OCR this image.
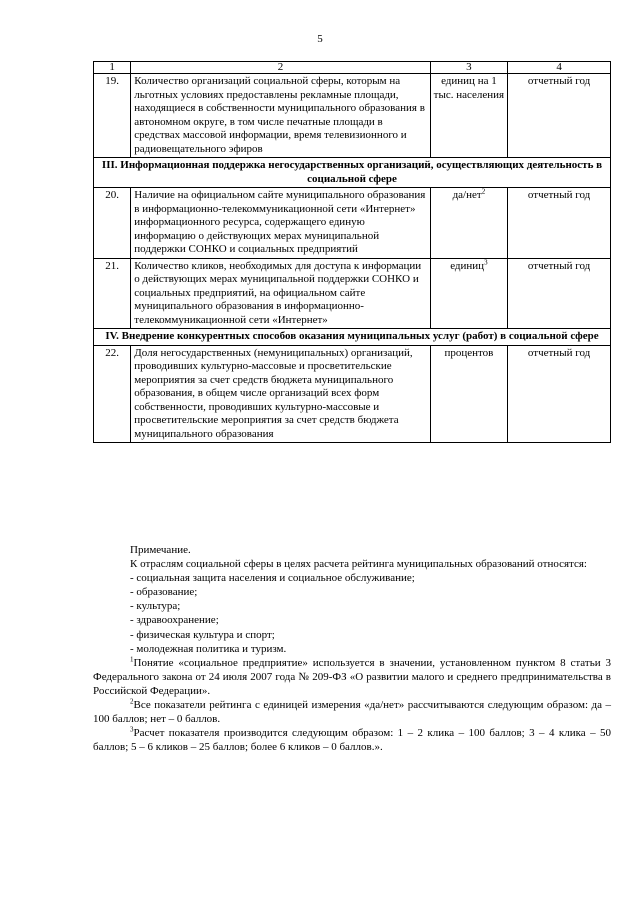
5
1	2	3	4
19.	Количество организаций социальной сферы, которым на льготных условиях предоставлены рекламные площади, находящиеся в собственности муниципального образования в автономном округе, в том числе печатные площади в средствах массовой информации, время телевизионного и радиовещательного эфиров	единиц на 1 тыс. населения	отчетный год
III. Информационная поддержка негосударственных организаций, осуществляющих деятельность в социальной сфере			
20.	Наличие на официальном сайте муниципального образования в информационно-телекоммуникационной сети «Интернет» информационного ресурса, содержащего единую информацию о действующих мерах муниципальной поддержки СОНКО и социальных предприятий	да/нет$^2$	отчетный год
21.	Количество кликов, необходимых для доступа к информации о действующих мерах муниципальной поддержки СОНКО и социальных предприятий, на официальном сайте муниципального образования в информационно-телекоммуникационной сети «Интернет»	единиц$^3$	отчетный год
IV. Внедрение конкурентных способов оказания муниципальных услуг (работ) в социальной сфере			
22.	Доля негосударственных (немуниципальных) организаций, проводивших культурно-массовые и просветительские мероприятия за счет средств бюджета муниципального образования, в общем числе организаций всех форм собственности, проводивших культурно-массовые и просветительские мероприятия за счет средств бюджета муниципального образования	процентов	отчетный год

Примечание.

К отраслям социальной сферы в целях расчета рейтинга муниципальных образований относятся:

- социальная защита населения и социальное обслуживание;

- образование;

- культура;

- здравоохранение;

- физическая культура и спорт;

- молодежная политика и туризм.

$^1$Понятие «социальное предприятие» используется в значении, установленном пунктом 8 статьи 3 Федерального закона от 24 июля 2007 года № 209-ФЗ «О развитии малого и среднего предпринимательства в Российской Федерации».

$^2$Все показатели рейтинга с единицей измерения «да/нет» рассчитываются следующим образом: да – 100 баллов; нет – 0 баллов.

$^3$Расчет показателя производится следующим образом: 1 – 2 клика – 100 баллов; 3 – 4 клика – 50 баллов; 5 – 6 кликов – 25 баллов; более 6 кликов – 0 баллов.».
